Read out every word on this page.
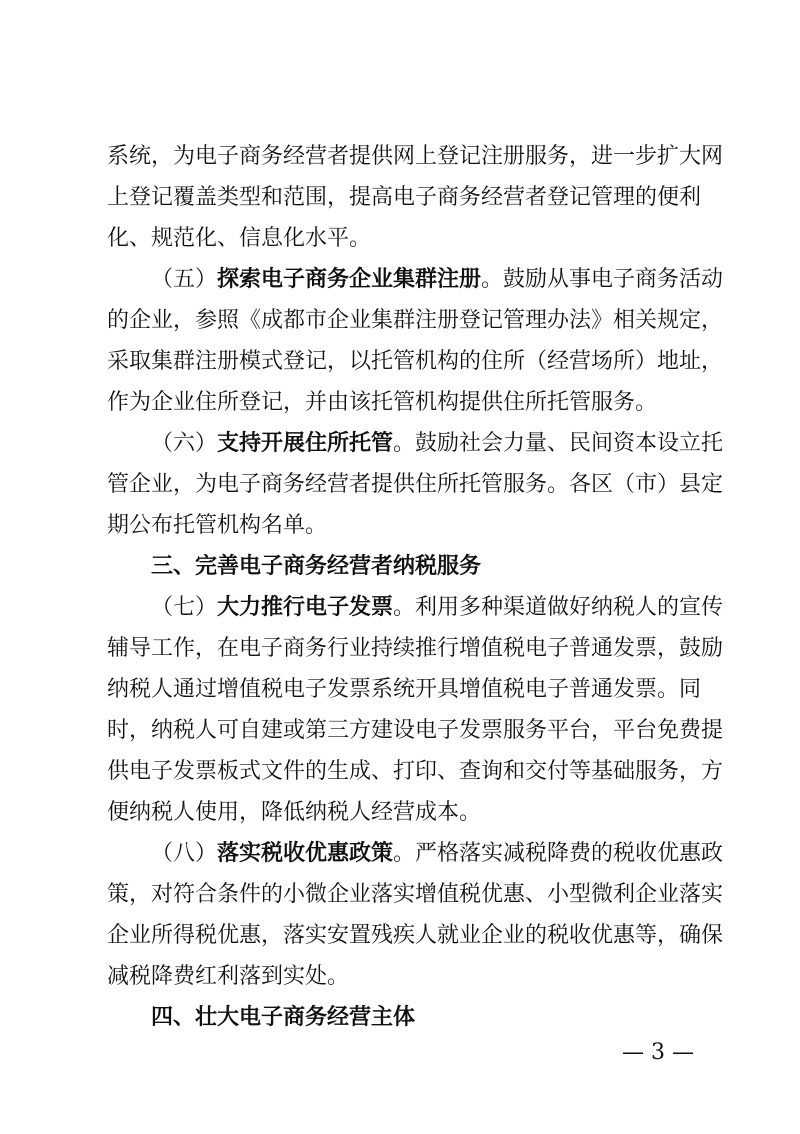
系统，为电子商务经营者提供网上登记注册服务，进一步扩大网
上登记覆盖类型和范围，提高电子商务经营者登记管理的便利
化、规范化、信息化水平。
（五）探索电子商务企业集群注册。鼓励从事电子商务活动
的企业，参照《成都市企业集群注册登记管理办法》相关规定，
采取集群注册模式登记，以托管机构的住所（经营场所）地址，
作为企业住所登记，并由该托管机构提供住所托管服务。
（六）支持开展住所托管。鼓励社会力量、民间资本设立托
管企业，为电子商务经营者提供住所托管服务。各区（市）县定
期公布托管机构名单。
三、完善电子商务经营者纳税服务
（七）大力推行电子发票。利用多种渠道做好纳税人的宣传
辅导工作，在电子商务行业持续推行增值税电子普通发票，鼓励
纳税人通过增值税电子发票系统开具增值税电子普通发票。同
时，纳税人可自建或第三方建设电子发票服务平台，平台免费提
供电子发票板式文件的生成、打印、查询和交付等基础服务，方
便纳税人使用，降低纳税人经营成本。
（八）落实税收优惠政策。严格落实减税降费的税收优惠政
策，对符合条件的小微企业落实增值税优惠、小型微利企业落实
企业所得税优惠，落实安置残疾人就业企业的税收优惠等，确保
减税降费红利落到实处。
四、壮大电子商务经营主体
— 3 —
